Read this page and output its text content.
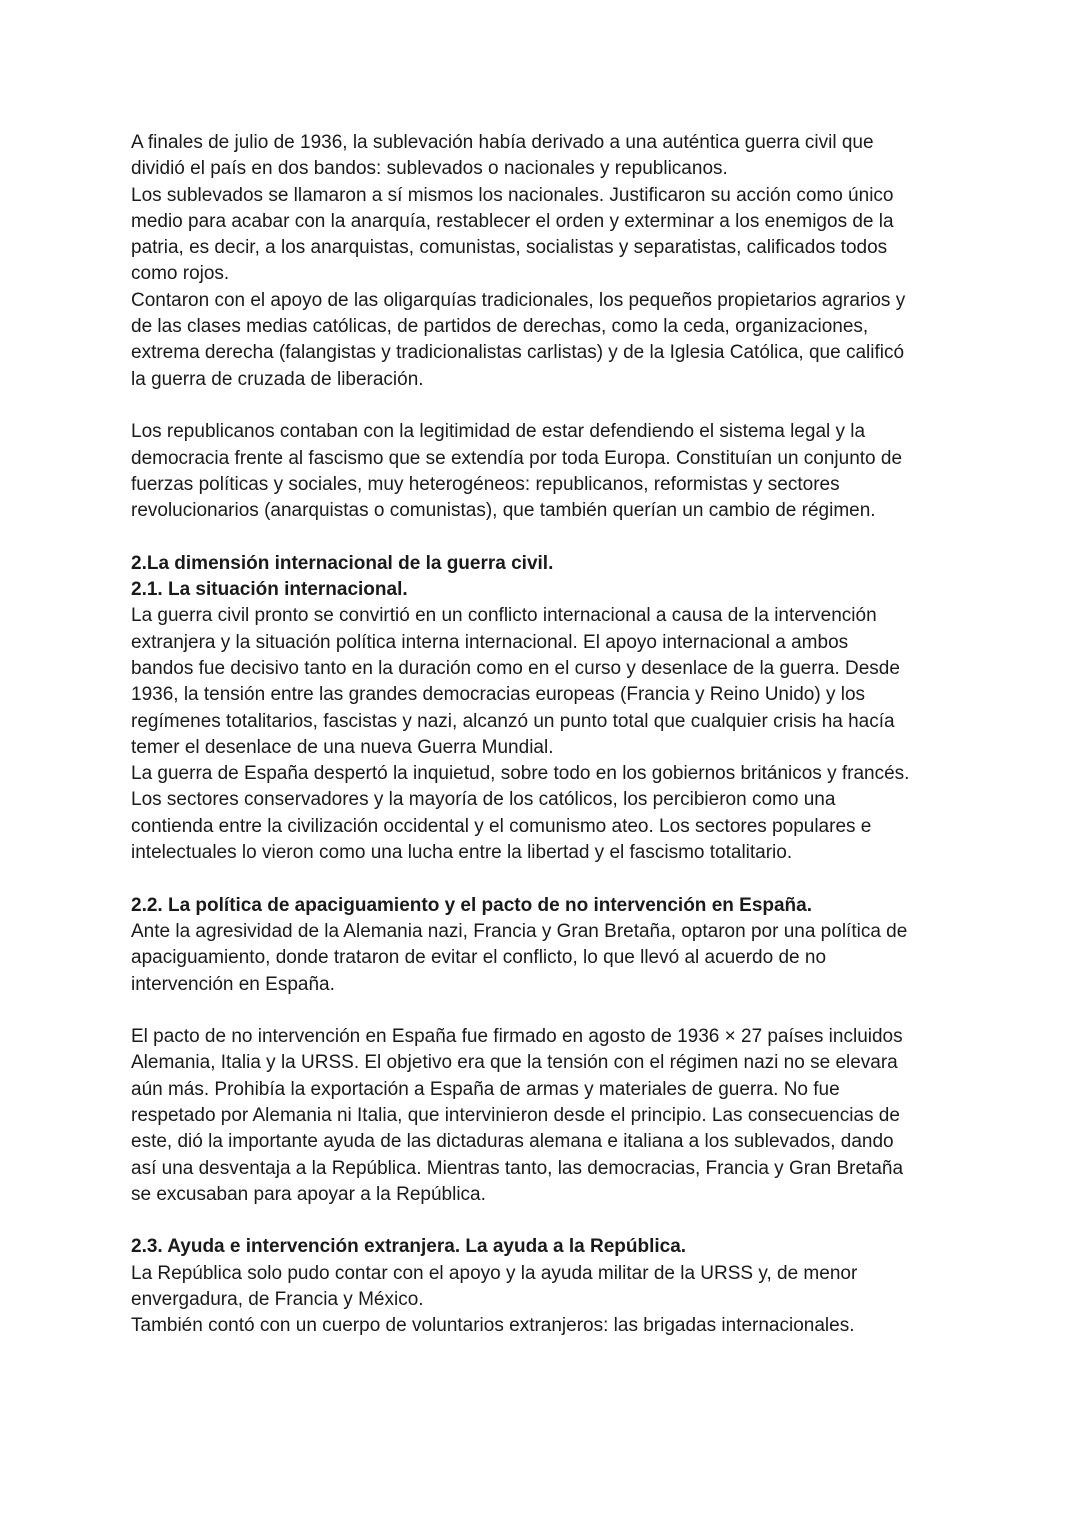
A finales de julio de 1936, la sublevación había derivado a una auténtica guerra civil que

dividió el país en dos bandos: sublevados o nacionales y republicanos.

Los sublevados se llamaron a sí mismos los nacionales. Justificaron su acción como único

medio para acabar con la anarquía, restablecer el orden y exterminar a los enemigos de la

patria, es decir, a los anarquistas, comunistas, socialistas y separatistas, calificados todos

como rojos.

Contaron con el apoyo de las oligarquías tradicionales, los pequeños propietarios agrarios y

de las clases medias católicas, de partidos de derechas, como la ceda, organizaciones,

extrema derecha (falangistas y tradicionalistas carlistas) y de la Iglesia Católica, que calificó

la guerra de cruzada de liberación.

Los republicanos contaban con la legitimidad de estar defendiendo el sistema legal y la

democracia frente al fascismo que se extendía por toda Europa. Constituían un conjunto de

fuerzas políticas y sociales, muy heterogéneos: republicanos, reformistas y sectores

revolucionarios (anarquistas o comunistas), que también querían un cambio de régimen.

2.La dimensión internacional de la guerra civil.

2.1. La situación internacional.

La guerra civil pronto se convirtió en un conflicto internacional a causa de la intervención

extranjera y la situación política interna internacional. El apoyo internacional a ambos

bandos fue decisivo tanto en la duración como en el curso y desenlace de la guerra. Desde

1936, la tensión entre las grandes democracias europeas (Francia y Reino Unido) y los

regímenes totalitarios, fascistas y nazi, alcanzó un punto total que cualquier crisis ha hacía

temer el desenlace de una nueva Guerra Mundial.

La guerra de España despertó la inquietud, sobre todo en los gobiernos británicos y francés.

Los sectores conservadores y la mayoría de los católicos, los percibieron como una

contienda entre la civilización occidental y el comunismo ateo. Los sectores populares e

intelectuales lo vieron como una lucha entre la libertad y el fascismo totalitario.

2.2. La política de apaciguamiento y el pacto de no intervención en España.

Ante la agresividad de la Alemania nazi, Francia y Gran Bretaña, optaron por una política de

apaciguamiento, donde trataron de evitar el conflicto, lo que llevó al acuerdo de no

intervención en España.

El pacto de no intervención en España fue firmado en agosto de 1936 × 27 países incluidos

Alemania, Italia y la URSS. El objetivo era que la tensión con el régimen nazi no se elevara

aún más. Prohibía la exportación a España de armas y materiales de guerra. No fue

respetado por Alemania ni Italia, que intervinieron desde el principio. Las consecuencias de

este, dió la importante ayuda de las dictaduras alemana e italiana a los sublevados, dando

así una desventaja a la República. Mientras tanto, las democracias, Francia y Gran Bretaña

se excusaban para apoyar a la República.

2.3. Ayuda e intervención extranjera. La ayuda a la República.

La República solo pudo contar con el apoyo y la ayuda militar de la URSS y, de menor

envergadura, de Francia y México.

También contó con un cuerpo de voluntarios extranjeros: las brigadas internacionales.
